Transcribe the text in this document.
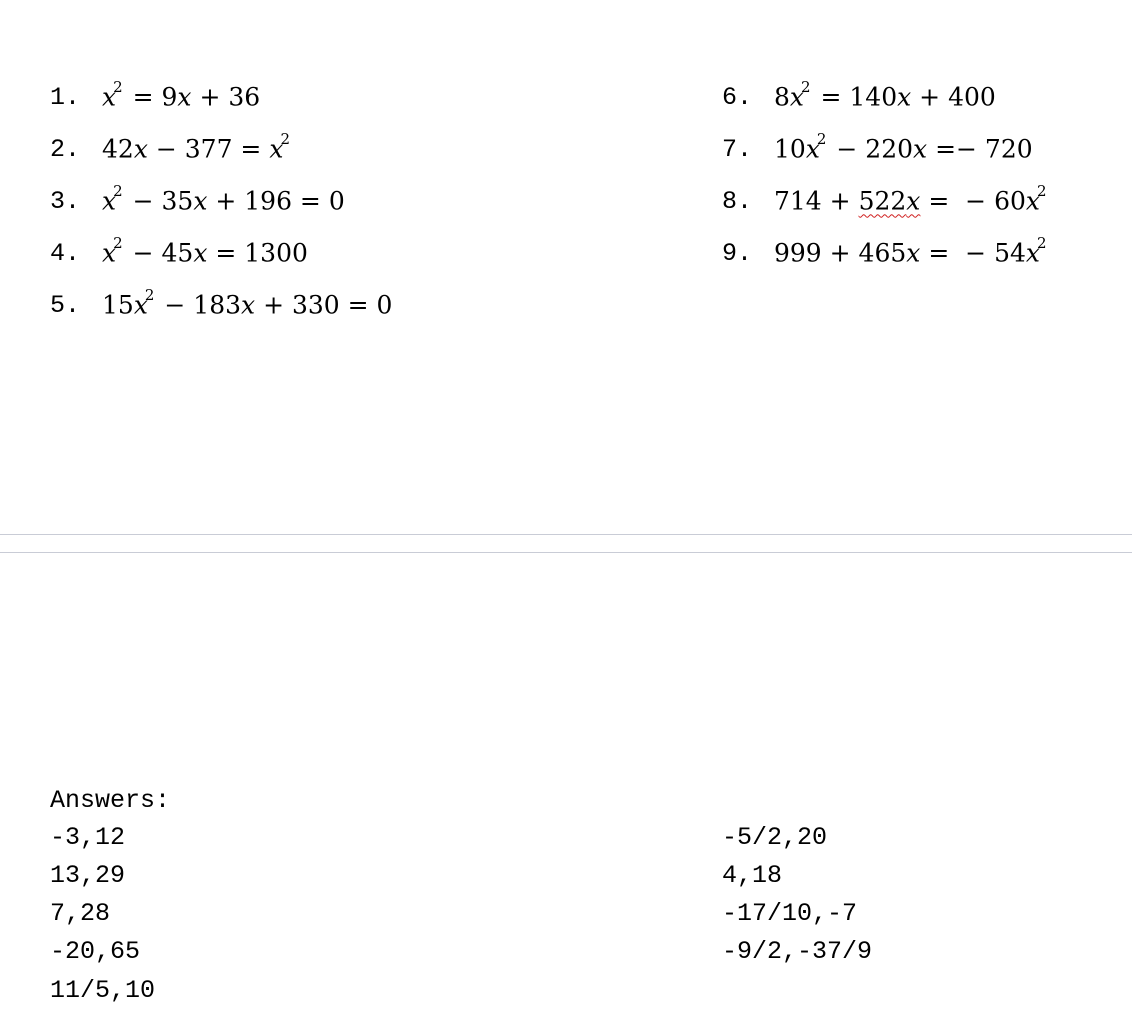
1. $x^2 = 9x + 36$
2. $42x - 377 = x^2$
3. $x^2 - 35x + 196 = 0$
4. $x^2 - 45x = 1300$
5. $15x^2 - 183x + 330 = 0$
6. $8x^2 = 140x + 400$
7. $10x^2 - 220x =- 720$
8. 714 + 522x =  − $60x^2$
9. 999 + 465x =  − $54x^2$
Answers:
-3,12
13,29
7,28
-20,65
11/5,10
-5/2,20
4,18
-17/10,-7
-9/2,-37/9
